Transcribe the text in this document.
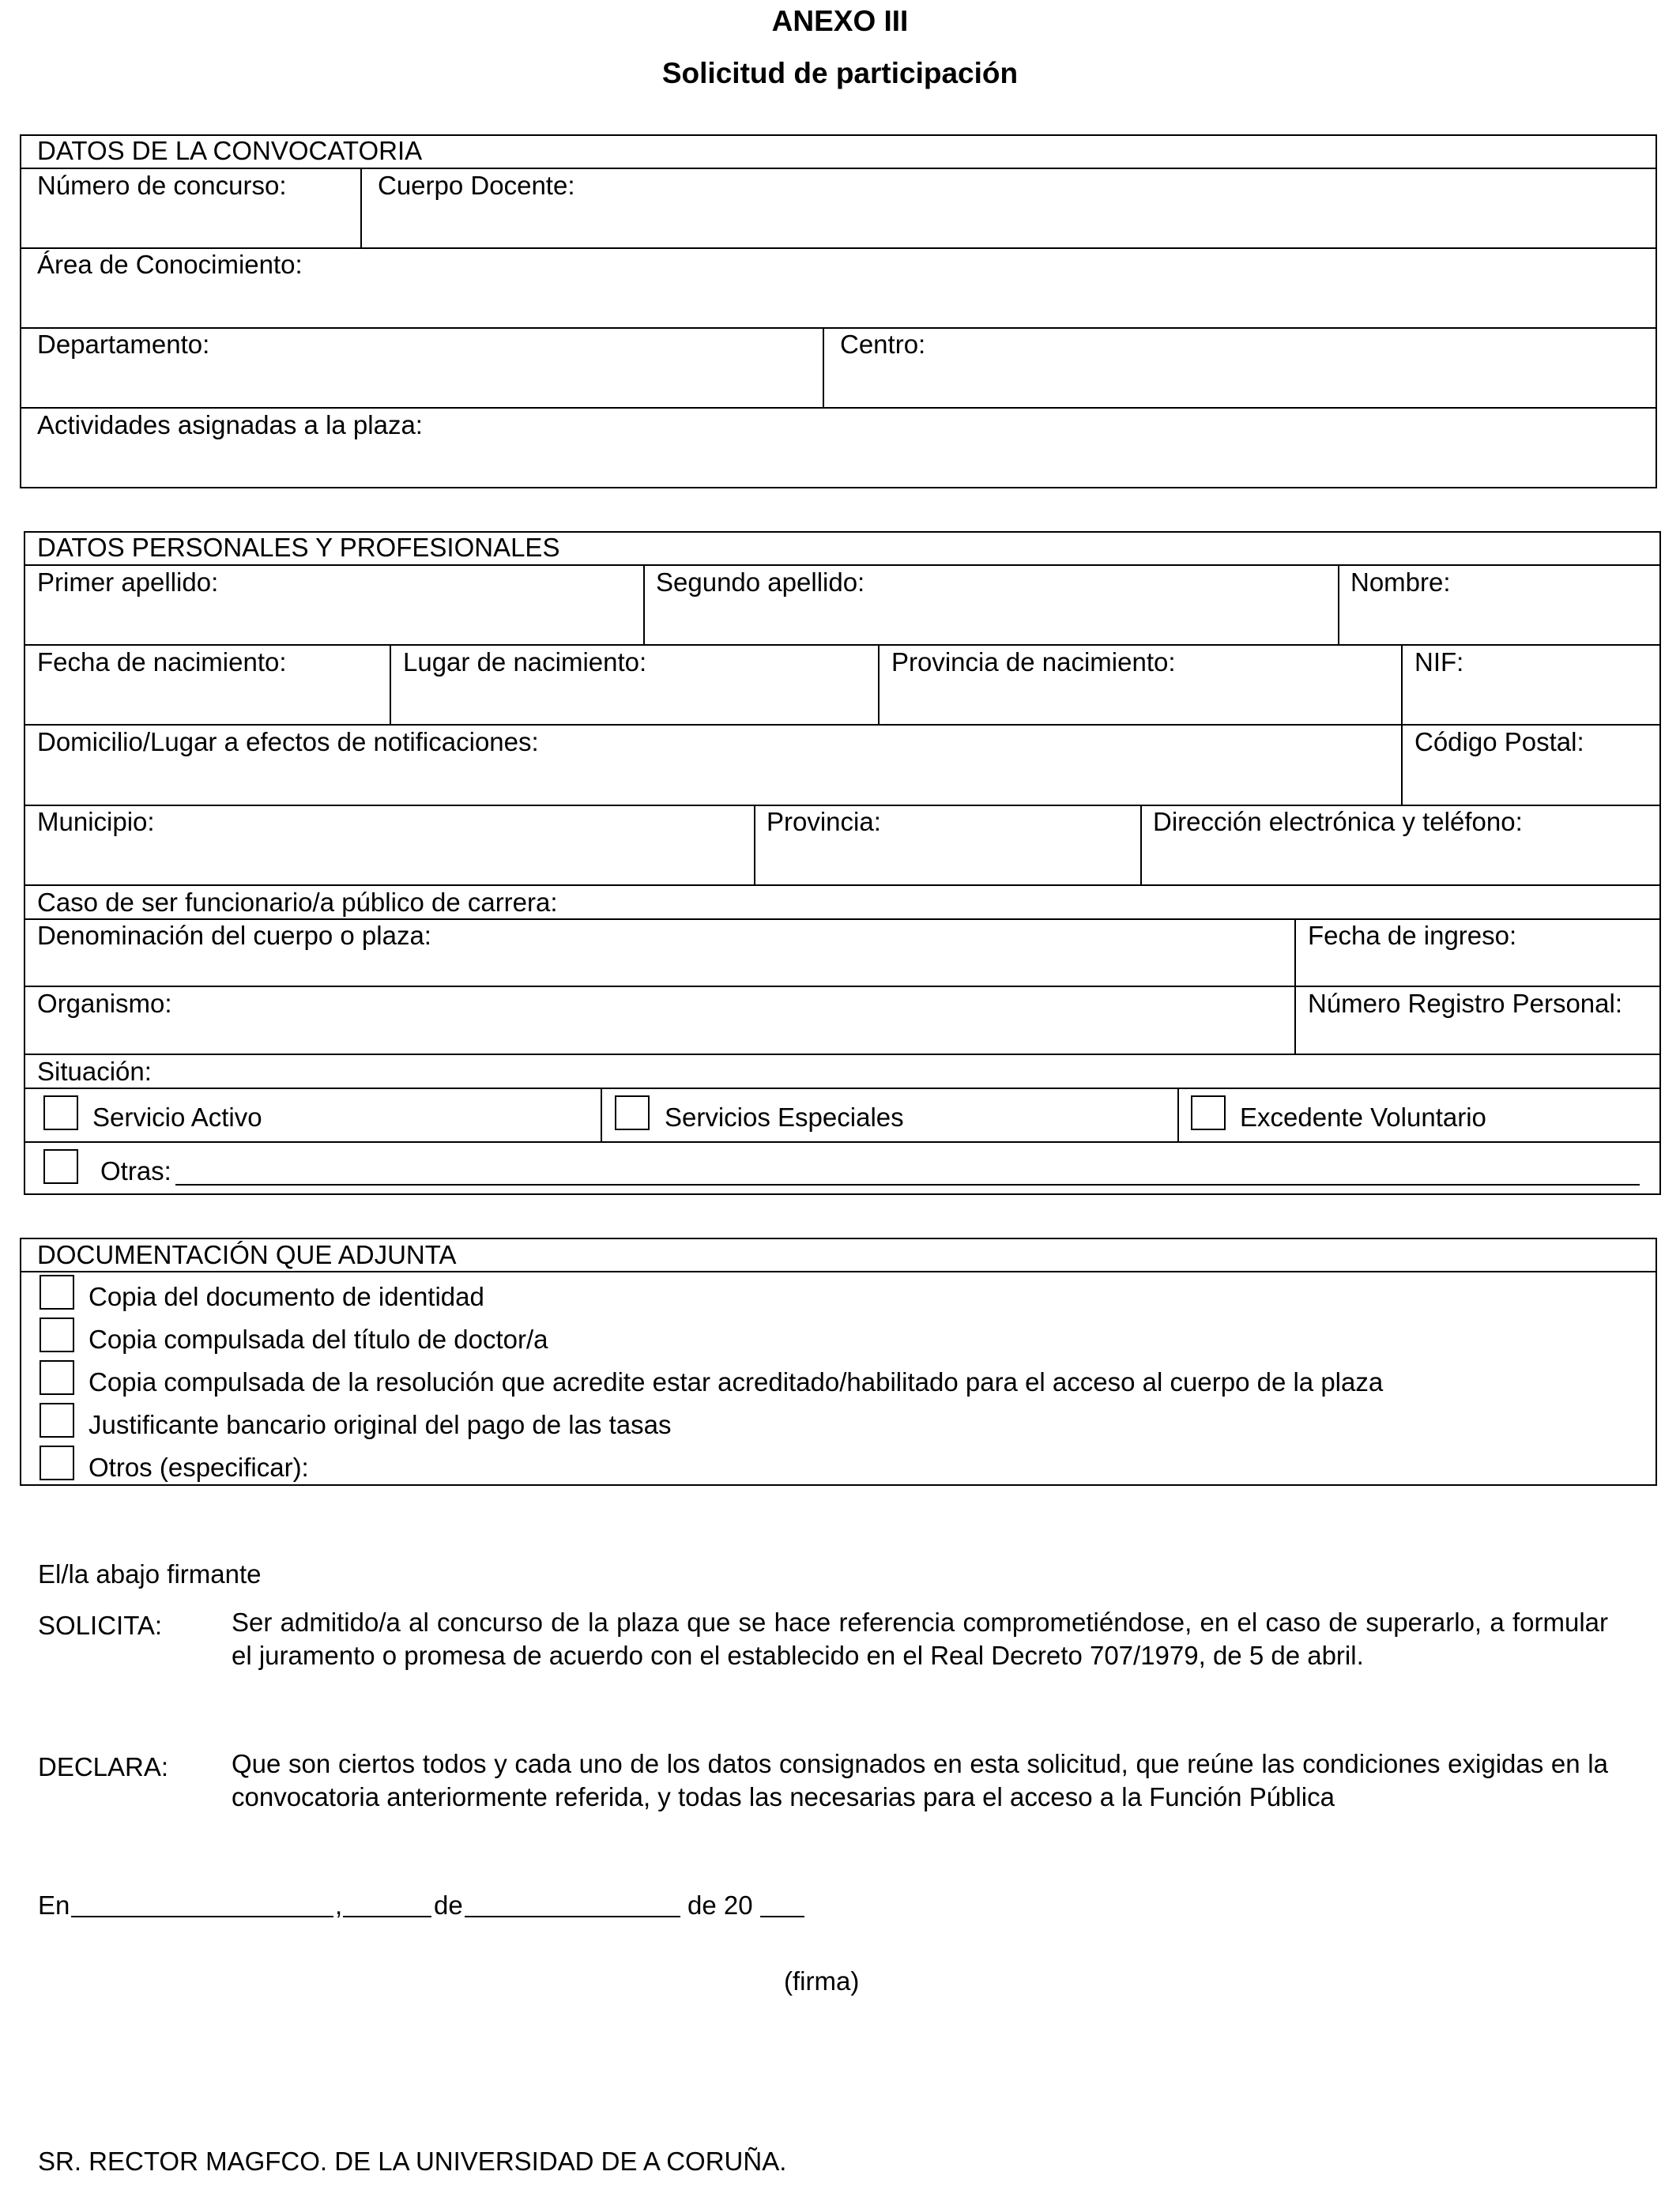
ANEXO III
Solicitud de participación
DATOS DE LA CONVOCATORIA
Número de concurso:	Cuerpo Docente:
Área de Conocimiento:
Departamento:	Centro:
Actividades asignadas a la plaza:
DATOS PERSONALES Y PROFESIONALES
Primer apellido:	Segundo apellido:	Nombre:
Fecha de nacimiento:	Lugar de nacimiento:	Provincia de nacimiento:	NIF:
Domicilio/Lugar a efectos de notificaciones:	Código Postal:
Municipio:	Provincia:	Dirección electrónica y teléfono:
Caso de ser funcionario/a público de carrera:
Denominación del cuerpo o plaza:	Fecha de ingreso:
Organismo:	Número Registro Personal:
Situación:
Servicio Activo	Servicios Especiales	Excedente Voluntario
Otras:
DOCUMENTACIÓN QUE ADJUNTA
Copia del documento de identidad
Copia compulsada del título de doctor/a
Copia compulsada de la resolución que acredite estar acreditado/habilitado para el acceso al cuerpo de la plaza
Justificante bancario original del pago de las tasas
Otros (especificar):
El/la abajo firmante
SOLICITA:	Ser admitido/a al concurso de la plaza que se hace referencia comprometiéndose, en el caso de superarlo, a formular el juramento o promesa de acuerdo con el establecido en el Real Decreto 707/1979, de 5 de abril.
DECLARA: Que son ciertos todos y cada uno de los datos consignados en esta solicitud, que reúne las condiciones exigidas en la convocatoria anteriormente referida, y todas las necesarias para el acceso a la Función Pública
En	,	de	de 20
(firma)
SR. RECTOR MAGFCO. DE LA UNIVERSIDAD DE A CORUÑA.
